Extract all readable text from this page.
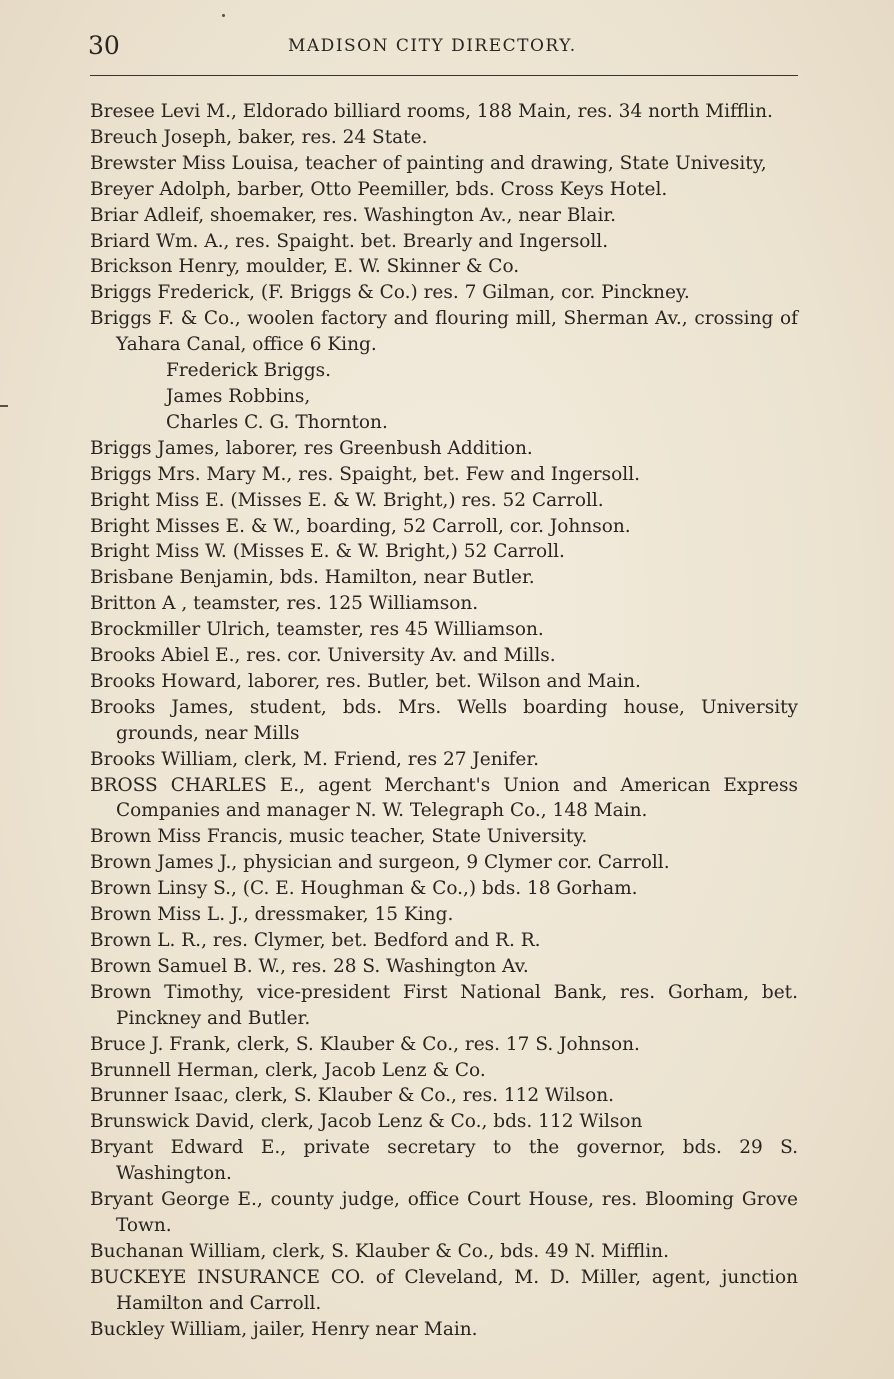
30	MADISON CITY DIRECTORY.
Bresee Levi M., Eldorado billiard rooms, 188 Main, res. 34 north Mifflin.
Breuch Joseph, baker, res. 24 State.
Brewster Miss Louisa, teacher of painting and drawing, State Univesity,
Breyer Adolph, barber, Otto Peemiller, bds. Cross Keys Hotel.
Briar Adleif, shoemaker, res. Washington Av., near Blair.
Briard Wm. A., res. Spaight. bet. Brearly and Ingersoll.
Brickson Henry, moulder, E. W. Skinner & Co.
Briggs Frederick, (F. Briggs & Co.) res. 7 Gilman, cor. Pinckney.
Briggs F. & Co., woolen factory and flouring mill, Sherman Av., crossing of Yahara Canal, office 6 King.
Frederick Briggs.
James Robbins,
Charles C. G. Thornton.
Briggs James, laborer, res Greenbush Addition.
Briggs Mrs. Mary M., res. Spaight, bet. Few and Ingersoll.
Bright Miss E. (Misses E. & W. Bright,) res. 52 Carroll.
Bright Misses E. & W., boarding, 52 Carroll, cor. Johnson.
Bright Miss W. (Misses E. & W. Bright,) 52 Carroll.
Brisbane Benjamin, bds. Hamilton, near Butler.
Britton A , teamster, res. 125 Williamson.
Brockmiller Ulrich, teamster, res 45 Williamson.
Brooks Abiel E., res. cor. University Av. and Mills.
Brooks Howard, laborer, res. Butler, bet. Wilson and Main.
Brooks James, student, bds. Mrs. Wells boarding house, University grounds, near Mills
Brooks William, clerk, M. Friend, res 27 Jenifer.
BROSS CHARLES E., agent Merchant's Union and American Express Companies and manager N. W. Telegraph Co., 148 Main.
Brown Miss Francis, music teacher, State University.
Brown James J., physician and surgeon, 9 Clymer cor. Carroll.
Brown Linsy S., (C. E. Houghman & Co.,) bds. 18 Gorham.
Brown Miss L. J., dressmaker, 15 King.
Brown L. R., res. Clymer, bet. Bedford and R. R.
Brown Samuel B. W., res. 28 S. Washington Av.
Brown Timothy, vice-president First National Bank, res. Gorham, bet. Pinckney and Butler.
Bruce J. Frank, clerk, S. Klauber & Co., res. 17 S. Johnson.
Brunnell Herman, clerk, Jacob Lenz & Co.
Brunner Isaac, clerk, S. Klauber & Co., res. 112 Wilson.
Brunswick David, clerk, Jacob Lenz & Co., bds. 112 Wilson
Bryant Edward E., private secretary to the governor, bds. 29 S. Washington.
Bryant George E., county judge, office Court House, res. Blooming Grove Town.
Buchanan William, clerk, S. Klauber & Co., bds. 49 N. Mifflin.
BUCKEYE INSURANCE CO. of Cleveland, M. D. Miller, agent, junction Hamilton and Carroll.
Buckley William, jailer, Henry near Main.
